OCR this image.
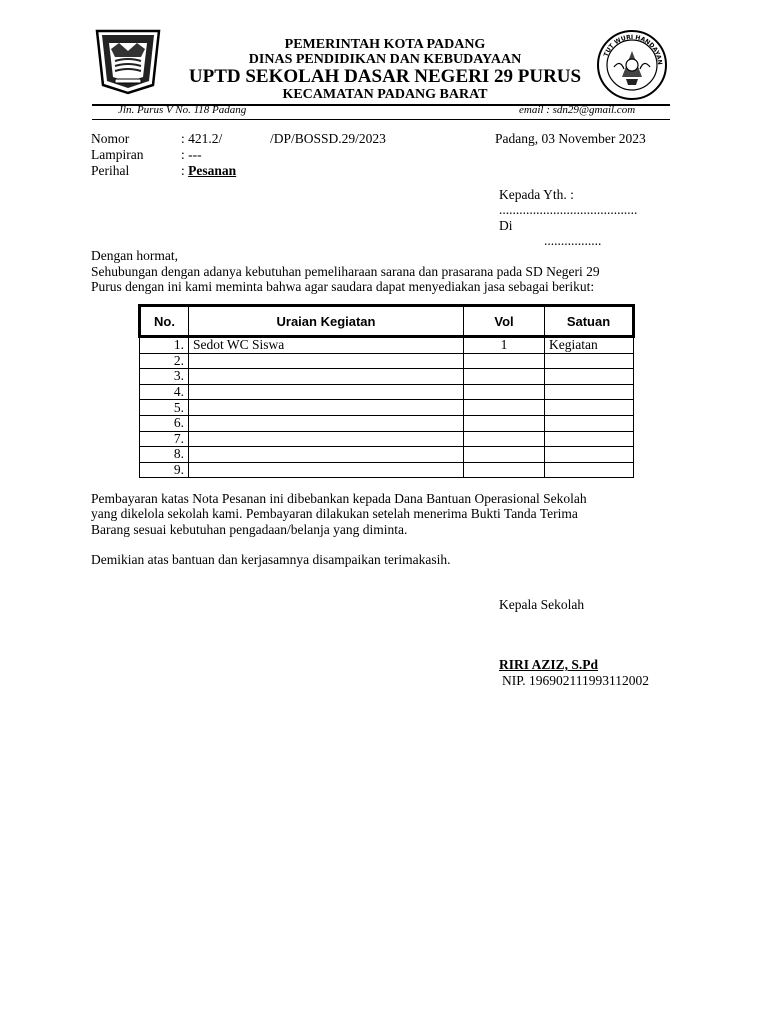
TUT WURI HANDAYAN
PEMERINTAH KOTA PADANG
DINAS PENDIDIKAN DAN KEBUDAYAAN
UPTD SEKOLAH DASAR NEGERI 29 PURUS
KECAMATAN PADANG BARAT
Jln. Purus V No. 118 Padang	email : sdn29@gmail.com
Nomor	: 421.2/	/DP/BOSSD.29/2023	Padang, 03 November 2023
Lampiran	: ---
Perihal	: Pesanan
Kepada Yth. :
.........................................
Di
.................
Dengan hormat,
Sehubungan dengan adanya kebutuhan pemeliharaan sarana dan prasarana pada SD Negeri 29
Purus dengan ini kami meminta bahwa agar saudara dapat menyediakan jasa sebagai berikut:
No.	Uraian Kegiatan	Vol	Satuan
1.	Sedot WC Siswa	1	Kegiatan
2.			
3.			
4.			
5.			
6.			
7.			
8.			
9.			
Pembayaran katas Nota Pesanan ini dibebankan kepada Dana Bantuan Operasional Sekolah
yang dikelola sekolah kami. Pembayaran dilakukan setelah menerima Bukti Tanda Terima
Barang sesuai kebutuhan pengadaan/belanja yang diminta.
Demikian atas bantuan dan kerjasamnya disampaikan terimakasih.
Kepala Sekolah
RIRI AZIZ, S.Pd
NIP. 196902111993112002
